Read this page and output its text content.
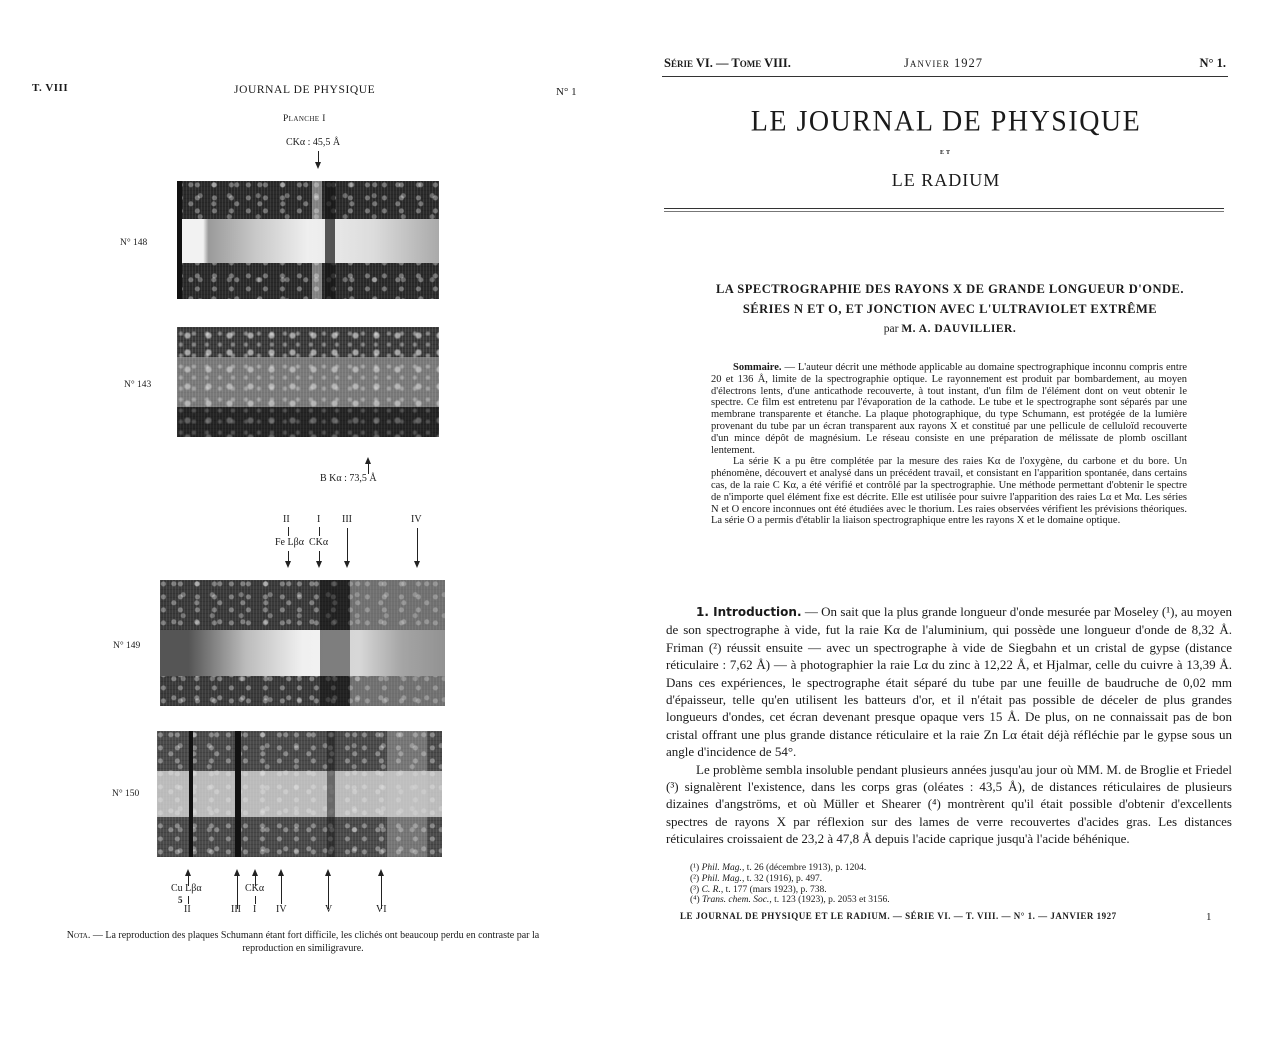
T. VIII	JOURNAL DE PHYSIQUE	N° 1
Planche I
CKα : 45,5 Å
N° 148
N° 143
B Kα : 73,5 Å
II	I III	IV
Fe Lβα CKα
N° 149
N° 150
Cu Lβα	CKα
5
II	III I IV	V	VI
Nota. — La reproduction des plaques Schumann étant fort difficile, les clichés ont beaucoup perdu en contraste par la reproduction en similigravure.
Série VI. — Tome VIII.	Janvier 1927	N° 1.
LE JOURNAL DE PHYSIQUE
ET
LE RADIUM
LA SPECTROGRAPHIE DES RAYONS X DE GRANDE LONGUEUR D'ONDE.
SÉRIES N ET O, ET JONCTION AVEC L'ULTRAVIOLET EXTRÊME
par M. A. DAUVILLIER.

Sommaire. — L'auteur décrit une méthode applicable au domaine spectrographique inconnu compris entre 20 et 136 Å, limite de la spectrographie optique. Le rayonnement est produit par bombardement, au moyen d'électrons lents, d'une anticathode recouverte, à tout instant, d'un film de l'élément dont on veut obtenir le spectre. Ce film est entretenu par l'évaporation de la cathode. Le tube et le spectrographe sont séparés par une membrane transparente et étanche. La plaque photographique, du type Schumann, est protégée de la lumière provenant du tube par un écran transparent aux rayons X et constitué par une pellicule de celluloïd recouverte d'un mince dépôt de magnésium. Le réseau consiste en une préparation de mélissate de plomb oscillant lentement.

La série K a pu être complétée par la mesure des raies Kα de l'oxygène, du carbone et du bore. Un phénomène, découvert et analysé dans un précédent travail, et consistant en l'apparition spontanée, dans certains cas, de la raie C Kα, a été vérifié et contrôlé par la spectrographie. Une méthode permettant d'obtenir le spectre de n'importe quel élément fixe est décrite. Elle est utilisée pour suivre l'apparition des raies Lα et Mα. Les séries N et O encore inconnues ont été étudiées avec le thorium. Les raies observées vérifient les prévisions théoriques. La série O a permis d'établir la liaison spectrographique entre les rayons X et le domaine optique.

1. Introduction. — On sait que la plus grande longueur d'onde mesurée par Moseley (¹), au moyen de son spectrographe à vide, fut la raie Kα de l'aluminium, qui possède une longueur d'onde de 8,32 Å. Friman (²) réussit ensuite — avec un spectrographe à vide de Siegbahn et un cristal de gypse (distance réticulaire : 7,62 Å) — à photographier la raie Lα du zinc à 12,22 Å, et Hjalmar, celle du cuivre à 13,39 Å. Dans ces expériences, le spectrographe était séparé du tube par une feuille de baudruche de 0,02 mm d'épaisseur, telle qu'en utilisent les batteurs d'or, et il n'était pas possible de déceler de plus grandes longueurs d'ondes, cet écran devenant presque opaque vers 15 Å. De plus, on ne connaissait pas de bon cristal offrant une plus grande distance réticulaire et la raie Zn Lα était déjà réfléchie par le gypse sous un angle d'incidence de 54°.

Le problème sembla insoluble pendant plusieurs années jusqu'au jour où MM. M. de Broglie et Friedel (³) signalèrent l'existence, dans les corps gras (oléates : 43,5 Å), de distances réticulaires de plusieurs dizaines d'angströms, et où Müller et Shearer (⁴) montrèrent qu'il était possible d'obtenir d'excellents spectres de rayons X par réflexion sur des lames de verre recouvertes d'acides gras. Les distances réticulaires croissaient de 23,2 à 47,8 Å depuis l'acide caprique jusqu'à l'acide béhénique.

(¹) Phil. Mag., t. 26 (décembre 1913), p. 1204.
(²) Phil. Mag., t. 32 (1916), p. 497.
(³) C. R., t. 177 (mars 1923), p. 738.
(⁴) Trans. chem. Soc., t. 123 (1923), p. 2053 et 3156.
LE JOURNAL DE PHYSIQUE ET LE RADIUM. — SÉRIE VI. — T. VIII. — N° 1. — JANVIER 1927	1
